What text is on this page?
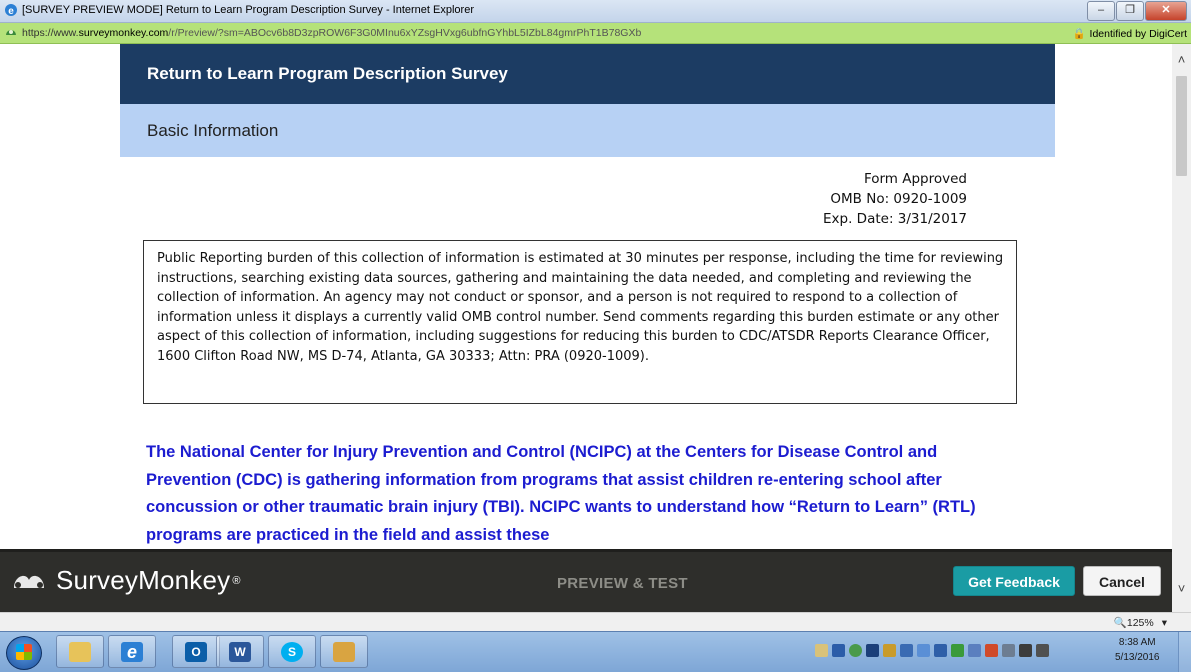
e [SURVEY PREVIEW MODE] Return to Learn Program Description Survey - Internet Explorer	–	❐	✕
https://www.surveymonkey.com/r/Preview/?sm=ABOcv6b8D3zpROW6F3G0MInu6xYZsgHVxg6ubfnGYhbL5IZbL84gmrPhT1B78GXb	🔒 Identified by DigiCert
Return to Learn Program Description Survey
Basic Information
Form Approved
OMB No: 0920-1009
Exp. Date: 3/31/2017
Public Reporting burden of this collection of information is estimated at 30 minutes per response, including the time for reviewing instructions, searching existing data sources, gathering and maintaining the data needed, and completing and reviewing the collection of information. An agency may not conduct or sponsor, and a person is not required to respond to a collection of information unless it displays a currently valid OMB control number. Send comments regarding this burden estimate or any other aspect of this collection of information, including suggestions for reducing this burden to CDC/ATSDR Reports Clearance Officer, 1600 Clifton Road NW, MS D-74, Atlanta, GA 30333; Attn: PRA (0920-1009).
The National Center for Injury Prevention and Control (NCIPC) at the Centers for Disease Control and Prevention (CDC) is gathering information from programs that assist children re-entering school after concussion or other traumatic brain injury (TBI). NCIPC wants to understand how “Return to Learn” (RTL) programs are practiced in the field and assist these
SurveyMonkey ®	PREVIEW & TEST	Get Feedback	Cancel
˄
˅
🔍125% ▾
e	O	W	S
8:38 AM
5/13/2016
